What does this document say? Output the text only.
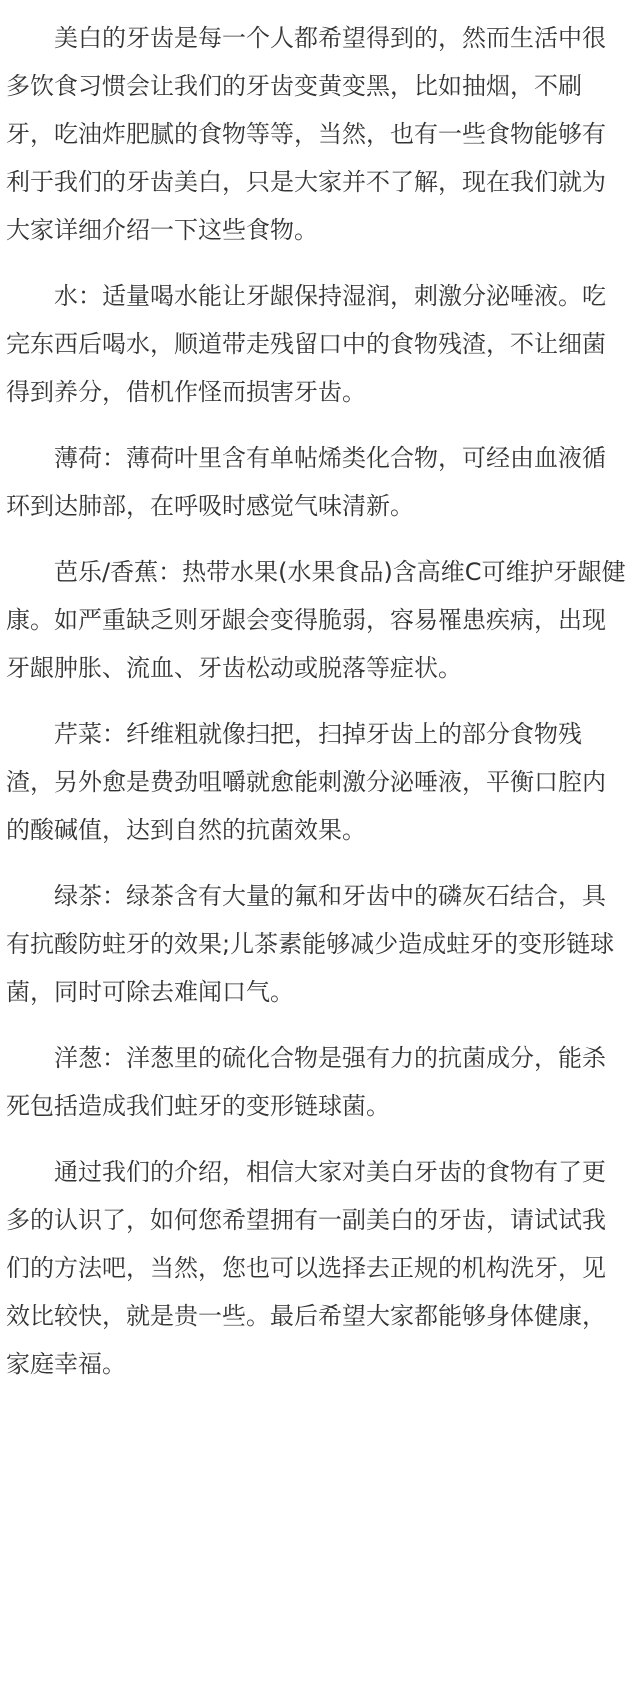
美白的牙齿是每一个人都希望得到的，然而生活中很多饮食习惯会让我们的牙齿变黄变黑，比如抽烟，不刷牙，吃油炸肥腻的食物等等，当然，也有一些食物能够有利于我们的牙齿美白，只是大家并不了解，现在我们就为大家详细介绍一下这些食物。

水：适量喝水能让牙龈保持湿润，刺激分泌唾液。吃完东西后喝水，顺道带走残留口中的食物残渣，不让细菌得到养分，借机作怪而损害牙齿。

薄荷：薄荷叶里含有单帖烯类化合物，可经由血液循环到达肺部，在呼吸时感觉气味清新。

芭乐/香蕉：热带水果(水果食品)含高维C可维护牙龈健康。如严重缺乏则牙龈会变得脆弱，容易罹患疾病，出现牙龈肿胀、流血、牙齿松动或脱落等症状。

芹菜：纤维粗就像扫把，扫掉牙齿上的部分食物残渣，另外愈是费劲咀嚼就愈能刺激分泌唾液，平衡口腔内的酸碱值，达到自然的抗菌效果。

绿茶：绿茶含有大量的氟和牙齿中的磷灰石结合，具有抗酸防蛀牙的效果;儿茶素能够减少造成蛀牙的变形链球菌，同时可除去难闻口气。

洋葱：洋葱里的硫化合物是强有力的抗菌成分，能杀死包括造成我们蛀牙的变形链球菌。

通过我们的介绍，相信大家对美白牙齿的食物有了更多的认识了，如何您希望拥有一副美白的牙齿，请试试我们的方法吧，当然，您也可以选择去正规的机构洗牙，见效比较快，就是贵一些。最后希望大家都能够身体健康，家庭幸福。
